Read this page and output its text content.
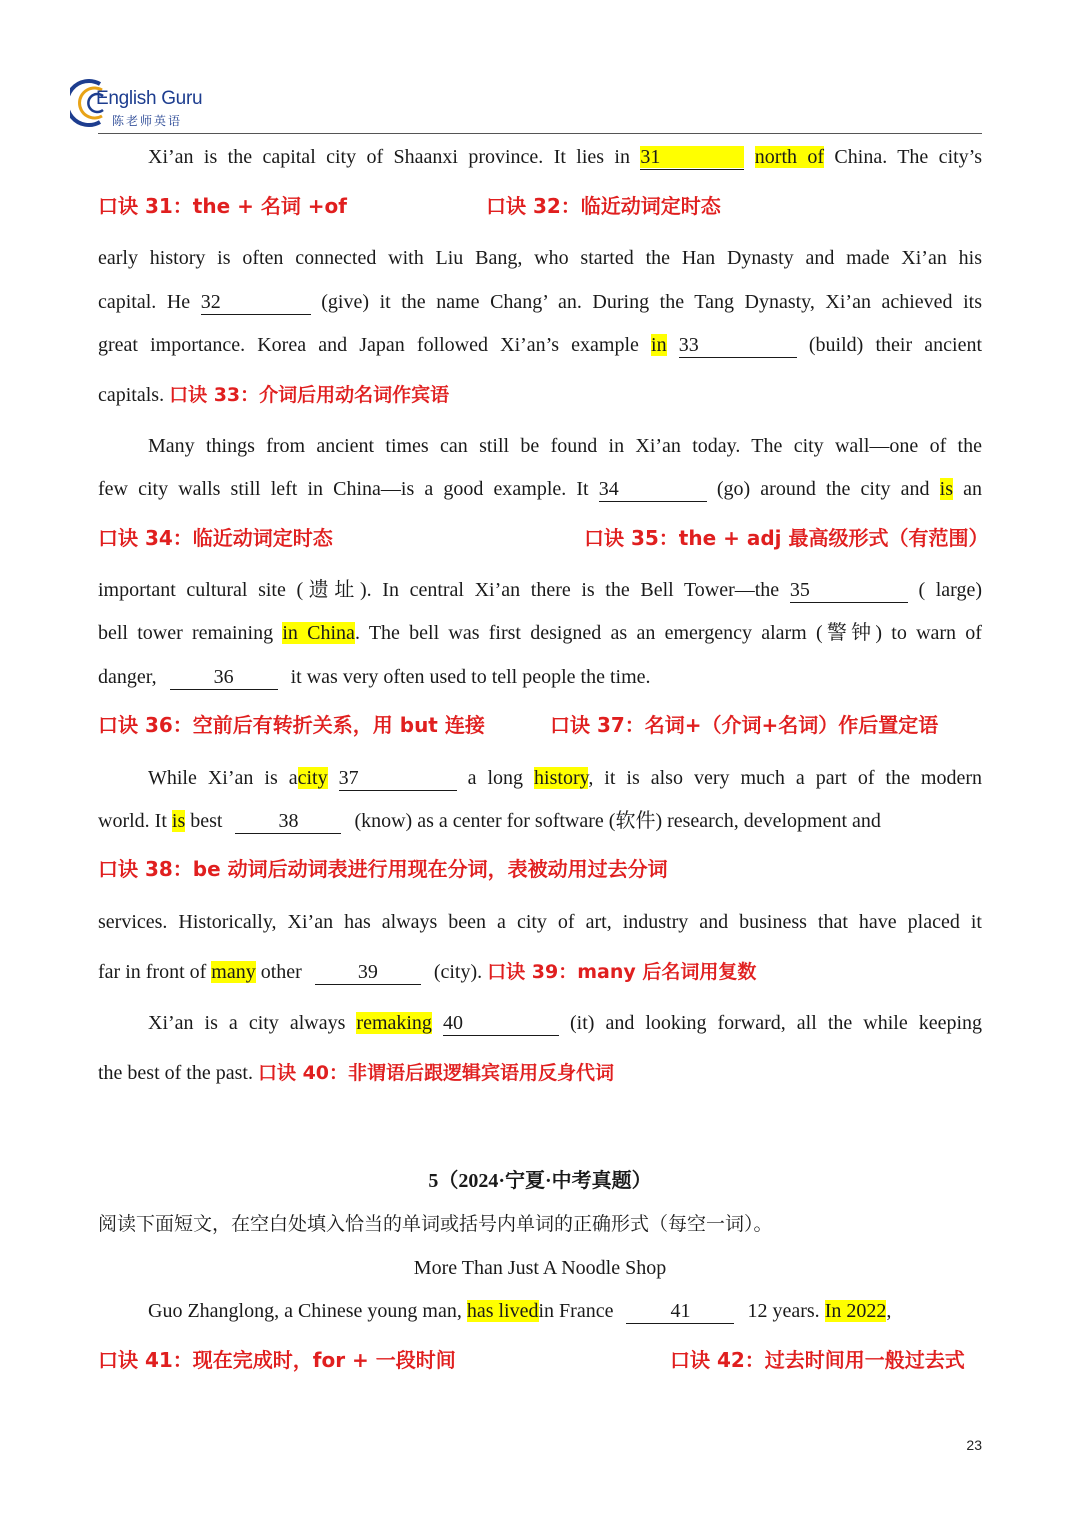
English Guru
陈老师英语
Xi’an is the capital city of Shaanxi province. It lies in 31	north of China. The city’s
口诀 31：the + 名词 +of	口诀 32：临近动词定时态
early history is often connected with Liu Bang, who started the Han Dynasty and made Xi’an his
capital. He 32	(give) it the name Chang’ an. During the Tang Dynasty, Xi’an achieved its
great importance. Korea and Japan followed Xi’an’s example in 33	(build) their ancient
capitals. 口诀 33：介词后用动名词作宾语
Many things from ancient times can still be found in Xi’an today. The city wall—one of the
few city walls still left in China—is a good example. It 34	(go) around the city and is an
口诀 34：临近动词定时态	口诀 35：the + adj 最高级形式（有范围）
important cultural site (遗址). In central Xi’an there is the Bell Tower—the 35	( large)
bell tower remaining in China. The bell was first designed as an emergency alarm (警钟) to warn of
danger,	36	it was very often used to tell people the time.
口诀 36：空前后有转折关系，用 but 连接	口诀 37：名词+（介词+名词）作后置定语
While Xi’an is acity 37	a long history, it is also very much a part of the modern
world. It is best	38	(know) as a center for software (软件) research, development and
口诀 38：be 动词后动词表进行用现在分词，表被动用过去分词
services. Historically, Xi’an has always been a city of art, industry and business that have placed it
far in front of many other	39	(city). 口诀 39：many 后名词用复数
Xi’an is a city always remaking 40	(it) and looking forward, all the while keeping
the best of the past. 口诀 40：非谓语后跟逻辑宾语用反身代词
5（2024·宁夏·中考真题）
阅读下面短文，在空白处填入恰当的单词或括号内单词的正确形式（每空一词）。
More Than Just A Noodle Shop
Guo Zhanglong, a Chinese young man, has livedin France	41	12 years. In 2022,
口诀 41：现在完成时，for + 一段时间	口诀 42：过去时间用一般过去式
23
